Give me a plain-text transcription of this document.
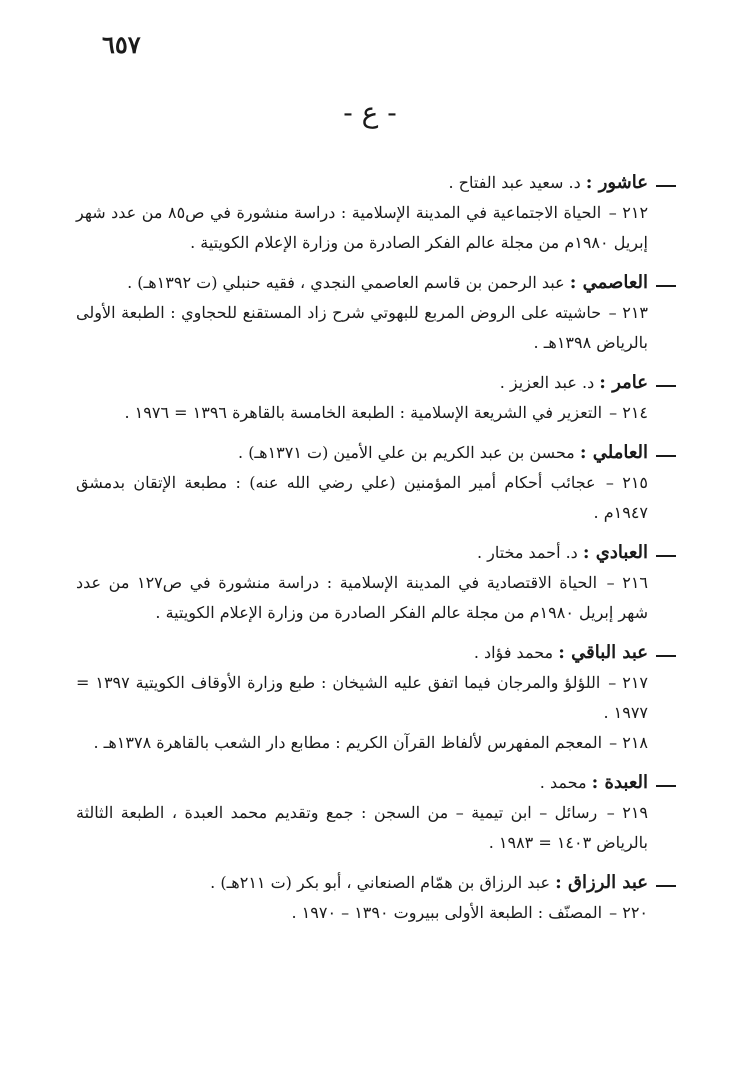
٦٥٧
- ع -
عاشور : د. سعيد عبد الفتاح .
٢١٢ – الحياة الاجتماعية في المدينة الإسلامية : دراسة منشورة في ص٨٥ من عدد شهر إبريل ١٩٨٠م من مجلة عالم الفكر الصادرة من وزارة الإعلام الكويتية .
العاصمي : عبد الرحمن بن قاسم العاصمي النجدي ، فقيه حنبلي (ت ١٣٩٢هـ) .
٢١٣ – حاشيته على الروض المربع للبهوتي شرح زاد المستقنع للحجاوي : الطبعة الأولى بالرياض ١٣٩٨هـ .
عامر : د. عبد العزيز .
٢١٤ – التعزير في الشريعة الإسلامية : الطبعة الخامسة بالقاهرة ١٣٩٦ = ١٩٧٦ .
العاملي : محسن بن عبد الكريم بن علي الأمين (ت ١٣٧١هـ) .
٢١٥ – عجائب أحكام أمير المؤمنين (علي رضي الله عنه) : مطبعة الإتقان بدمشق ١٩٤٧م .
العبادي : د. أحمد مختار .
٢١٦ – الحياة الاقتصادية في المدينة الإسلامية : دراسة منشورة في ص١٢٧ من عدد شهر إبريل ١٩٨٠م من مجلة عالم الفكر الصادرة من وزارة الإعلام الكويتية .
عبد الباقي : محمد فؤاد .
٢١٧ – اللؤلؤ والمرجان فيما اتفق عليه الشيخان : طبع وزارة الأوقاف الكويتية ١٣٩٧ = ١٩٧٧ .
٢١٨ – المعجم المفهرس لألفاظ القرآن الكريم : مطابع دار الشعب بالقاهرة ١٣٧٨هـ .
العبدة : محمد .
٢١٩ – رسائل – ابن تيمية – من السجن : جمع وتقديم محمد العبدة ، الطبعة الثالثة بالرياض ١٤٠٣ = ١٩٨٣ .
عبد الرزاق : عبد الرزاق بن همّام الصنعاني ، أبو بكر (ت ٢١١هـ) .
٢٢٠ – المصنّف : الطبعة الأولى ببيروت ١٣٩٠ – ١٩٧٠ .
